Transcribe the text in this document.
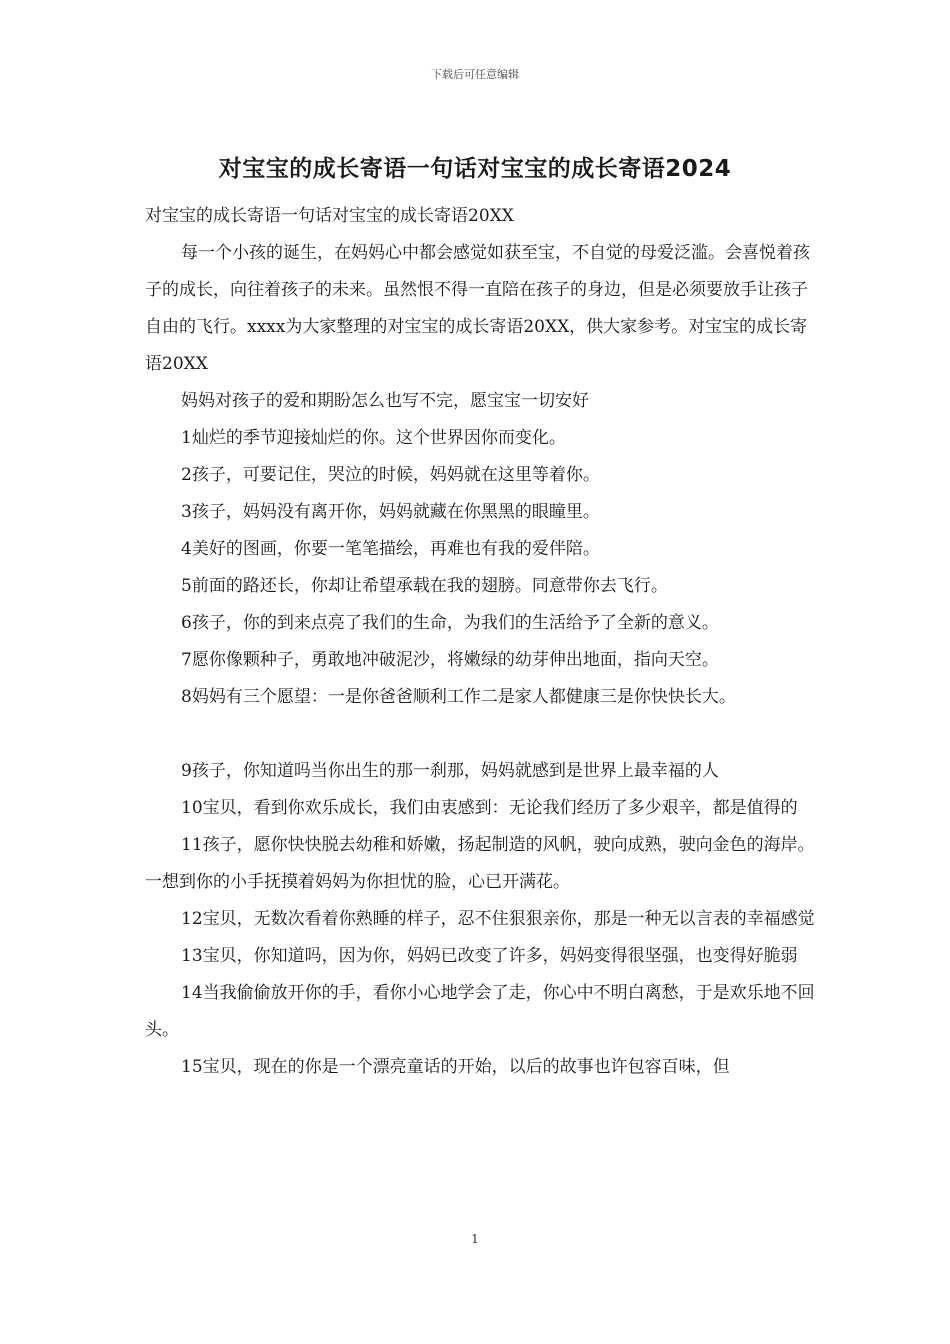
下载后可任意编辑
对宝宝的成长寄语一句话对宝宝的成长寄语2024

对宝宝的成长寄语一句话对宝宝的成长寄语20XX

每一个小孩的诞生，在妈妈心中都会感觉如获至宝，不自觉的母爱泛滥。会喜悦着孩子的成长，向往着孩子的未来。虽然恨不得一直陪在孩子的身边，但是必须要放手让孩子自由的飞行。xxxx为大家整理的对宝宝的成长寄语20XX，供大家参考。对宝宝的成长寄语20XX

妈妈对孩子的爱和期盼怎么也写不完，愿宝宝一切安好

1灿烂的季节迎接灿烂的你。这个世界因你而变化。

2孩子，可要记住，哭泣的时候，妈妈就在这里等着你。

3孩子，妈妈没有离开你，妈妈就藏在你黑黑的眼瞳里。

4美好的图画，你要一笔笔描绘，再难也有我的爱伴陪。

5前面的路还长，你却让希望承载在我的翅膀。同意带你去飞行。

6孩子，你的到来点亮了我们的生命，为我们的生活给予了全新的意义。

7愿你像颗种子，勇敢地冲破泥沙，将嫩绿的幼芽伸出地面，指向天空。

8妈妈有三个愿望：一是你爸爸顺利工作二是家人都健康三是你快快长大。

9孩子，你知道吗当你出生的那一刹那，妈妈就感到是世界上最幸福的人

10宝贝，看到你欢乐成长，我们由衷感到：无论我们经历了多少艰辛，都是值得的

11孩子，愿你快快脱去幼稚和娇嫩，扬起制造的风帆，驶向成熟，驶向金色的海岸。一想到你的小手抚摸着妈妈为你担忧的脸，心已开满花。

12宝贝，无数次看着你熟睡的样子，忍不住狠狠亲你，那是一种无以言表的幸福感觉

13宝贝，你知道吗，因为你，妈妈已改变了许多，妈妈变得很坚强，也变得好脆弱

14当我偷偷放开你的手，看你小心地学会了走，你心中不明白离愁，于是欢乐地不回头。

15宝贝，现在的你是一个漂亮童话的开始，以后的故事也许包容百味，但

1
